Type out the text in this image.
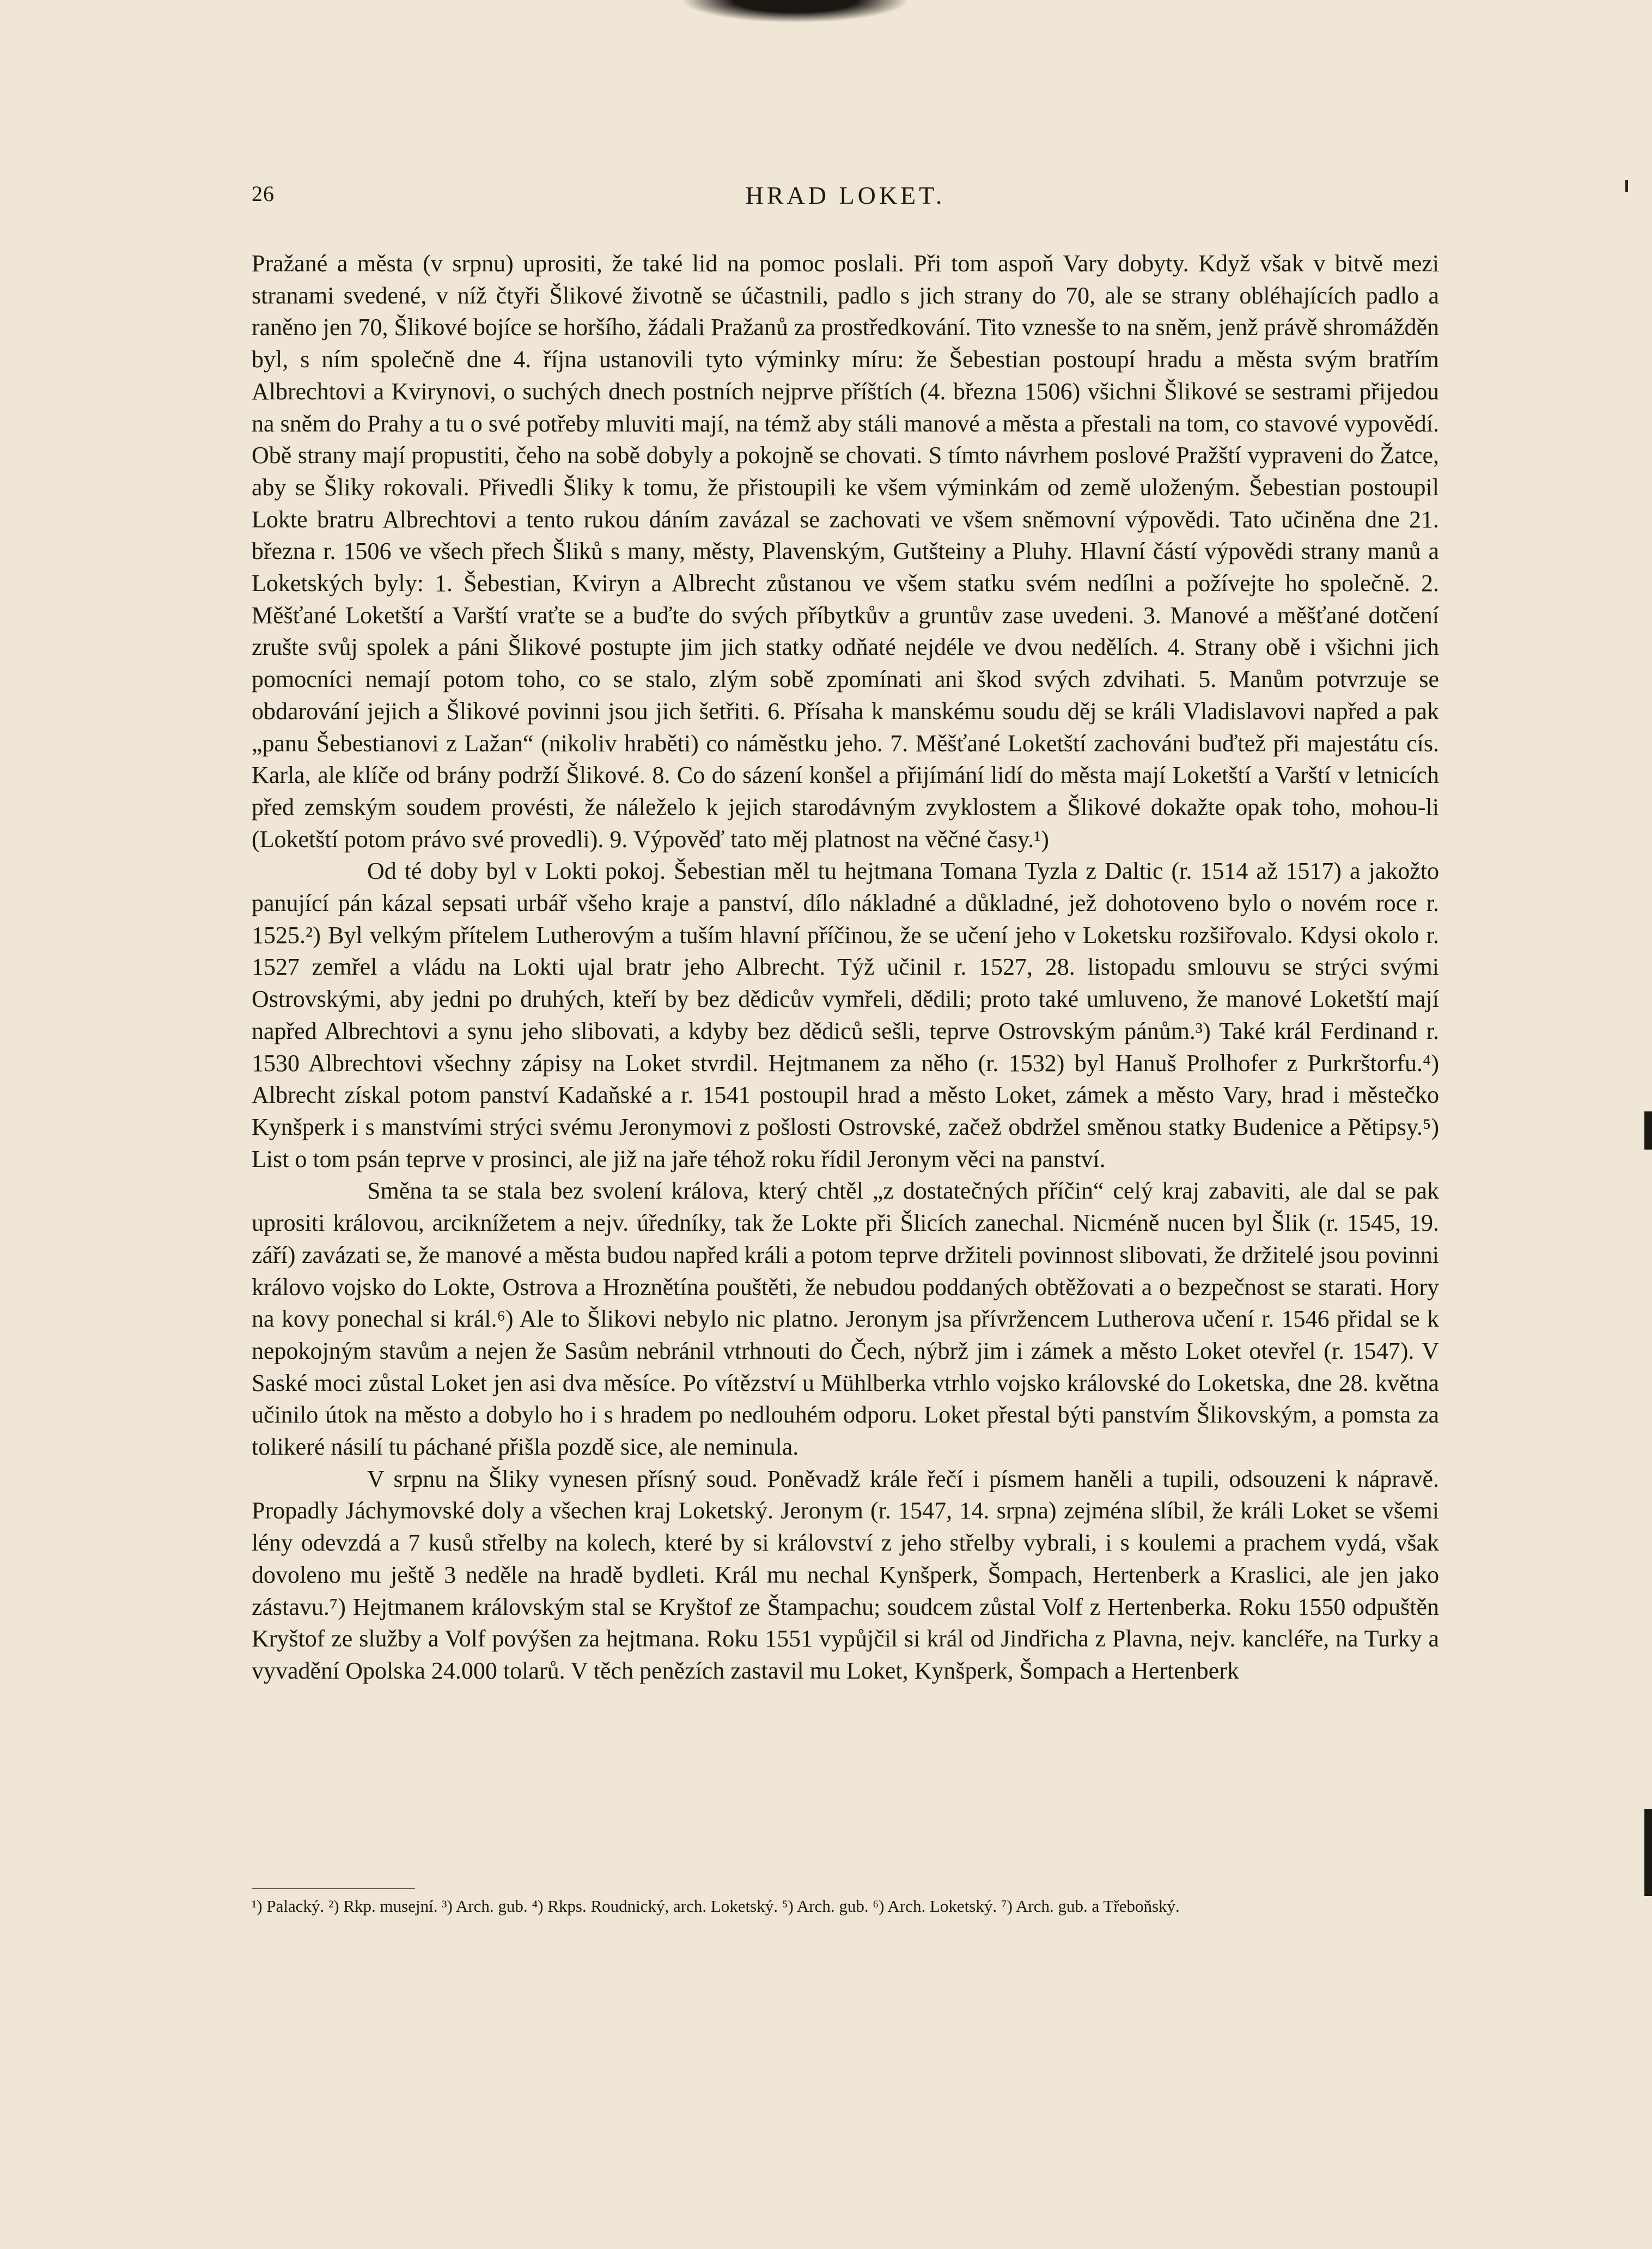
26	HRAD LOKET.

Pražané a města (v srpnu) uprositi, že také lid na pomoc poslali. Při tom aspoň Vary dobyty. Když však v bitvě mezi stranami svedené, v níž čtyři Šlikové životně se účastnili, padlo s jich strany do 70, ale se strany obléhajících padlo a raněno jen 70, Šlikové bojíce se horšího, žádali Pražanů za prostředkování. Tito vznesše to na sněm, jenž právě shromážděn byl, s ním společně dne 4. října ustanovili tyto výminky míru: že Šebestian postoupí hradu a města svým bratřím Albrechtovi a Kvirynovi, o suchých dnech postních nejprve příštích (4. března 1506) všichni Šlikové se sestrami přijedou na sněm do Prahy a tu o své potřeby mluviti mají, na témž aby stáli manové a města a přestali na tom, co stavové vypovědí. Obě strany mají propustiti, čeho na sobě dobyly a pokojně se chovati. S tímto návrhem poslové Pražští vypraveni do Žatce, aby se Šliky rokovali. Přivedli Šliky k tomu, že přistoupili ke všem výminkám od země uloženým. Šebestian postoupil Lokte bratru Albrechtovi a tento rukou dáním zavázal se zachovati ve všem sněmovní výpovědi. Tato učiněna dne 21. března r. 1506 ve všech přech Šliků s many, městy, Plavenským, Gutšteiny a Pluhy. Hlavní částí výpovědi strany manů a Loketských byly: 1. Šebestian, Kviryn a Albrecht zůstanou ve všem statku svém nedílni a požívejte ho společně. 2. Měšťané Loketští a Varští vraťte se a buďte do svých příbytkův a gruntův zase uvedeni. 3. Manové a měšťané dotčení zrušte svůj spolek a páni Šlikové postupte jim jich statky odňaté nejdéle ve dvou nedělích. 4. Strany obě i všichni jich pomocníci nemají potom toho, co se stalo, zlým sobě zpomínati ani škod svých zdvihati. 5. Manům potvrzuje se obdarování jejich a Šlikové povinni jsou jich šetřiti. 6. Přísaha k manskému soudu děj se králi Vladislavovi napřed a pak „panu Šebestianovi z Lažan“ (nikoliv hraběti) co náměstku jeho. 7. Měšťané Loketští zachováni buďtež při majestátu cís. Karla, ale klíče od brány podrží Šlikové. 8. Co do sázení konšel a přijímání lidí do města mají Loketští a Varští v letnicích před zemským soudem provésti, že náleželo k jejich starodávným zvyklostem a Šlikové dokažte opak toho, mohou-li (Loketští potom právo své provedli). 9. Výpověď tato měj platnost na věčné časy.¹)

Od té doby byl v Lokti pokoj. Šebestian měl tu hejtmana Tomana Tyzla z Daltic (r. 1514 až 1517) a jakožto panující pán kázal sepsati urbář všeho kraje a panství, dílo nákladné a důkladné, jež dohotoveno bylo o novém roce r. 1525.²) Byl velkým přítelem Lutherovým a tuším hlavní příčinou, že se učení jeho v Loketsku rozšiřovalo. Kdysi okolo r. 1527 zemřel a vládu na Lokti ujal bratr jeho Albrecht. Týž učinil r. 1527, 28. listopadu smlouvu se strýci svými Ostrovskými, aby jedni po druhých, kteří by bez dědicův vymřeli, dědili; proto také umluveno, že manové Loketští mají napřed Albrechtovi a synu jeho slibovati, a kdyby bez dědiců sešli, teprve Ostrovským pánům.³) Také král Ferdinand r. 1530 Albrechtovi všechny zápisy na Loket stvrdil. Hejtmanem za něho (r. 1532) byl Hanuš Prolhofer z Purkrštorfu.⁴) Albrecht získal potom panství Kadaňské a r. 1541 postoupil hrad a město Loket, zámek a město Vary, hrad i městečko Kynšperk i s manstvími strýci svému Jeronymovi z pošlosti Ostrovské, začež obdržel směnou statky Budenice a Pětipsy.⁵) List o tom psán teprve v prosinci, ale již na jaře téhož roku řídil Jeronym věci na panství.

Směna ta se stala bez svolení králova, který chtěl „z dostatečných příčin“ celý kraj zabaviti, ale dal se pak uprositi královou, arciknížetem a nejv. úředníky, tak že Lokte při Šlicích zanechal. Nicméně nucen byl Šlik (r. 1545, 19. září) zavázati se, že manové a města budou napřed králi a potom teprve držiteli povinnost slibovati, že držitelé jsou povinni královo vojsko do Lokte, Ostrova a Hroznětína pouštěti, že nebudou poddaných obtěžovati a o bezpečnost se starati. Hory na kovy ponechal si král.⁶) Ale to Šlikovi nebylo nic platno. Jeronym jsa přívržencem Lutherova učení r. 1546 přidal se k nepokojným stavům a nejen že Sasům nebránil vtrhnouti do Čech, nýbrž jim i zámek a město Loket otevřel (r. 1547). V Saské moci zůstal Loket jen asi dva měsíce. Po vítězství u Mühlberka vtrhlo vojsko královské do Loketska, dne 28. května učinilo útok na město a dobylo ho i s hradem po nedlouhém odporu. Loket přestal býti panstvím Šlikovským, a pomsta za tolikeré násilí tu páchané přišla pozdě sice, ale neminula.

V srpnu na Šliky vynesen přísný soud. Poněvadž krále řečí i písmem haněli a tupili, odsouzeni k nápravě. Propadly Jáchymovské doly a všechen kraj Loketský. Jeronym (r. 1547, 14. srpna) zejména slíbil, že králi Loket se všemi lény odevzdá a 7 kusů střelby na kolech, které by si království z jeho střelby vybrali, i s koulemi a prachem vydá, však dovoleno mu ještě 3 neděle na hradě bydleti. Král mu nechal Kynšperk, Šompach, Hertenberk a Kraslici, ale jen jako zástavu.⁷) Hejtmanem královským stal se Kryštof ze Štampachu; soudcem zůstal Volf z Hertenberka. Roku 1550 odpuštěn Kryštof ze služby a Volf povýšen za hejtmana. Roku 1551 vypůjčil si král od Jindřicha z Plavna, nejv. kancléře, na Turky a vyvadění Opolska 24.000 tolarů. V těch penězích zastavil mu Loket, Kynšperk, Šompach a Hertenberk

¹) Palacký. ²) Rkp. musejní. ³) Arch. gub. ⁴) Rkps. Roudnický, arch. Loketský. ⁵) Arch. gub. ⁶) Arch. Loketský. ⁷) Arch. gub. a Třeboňský.
